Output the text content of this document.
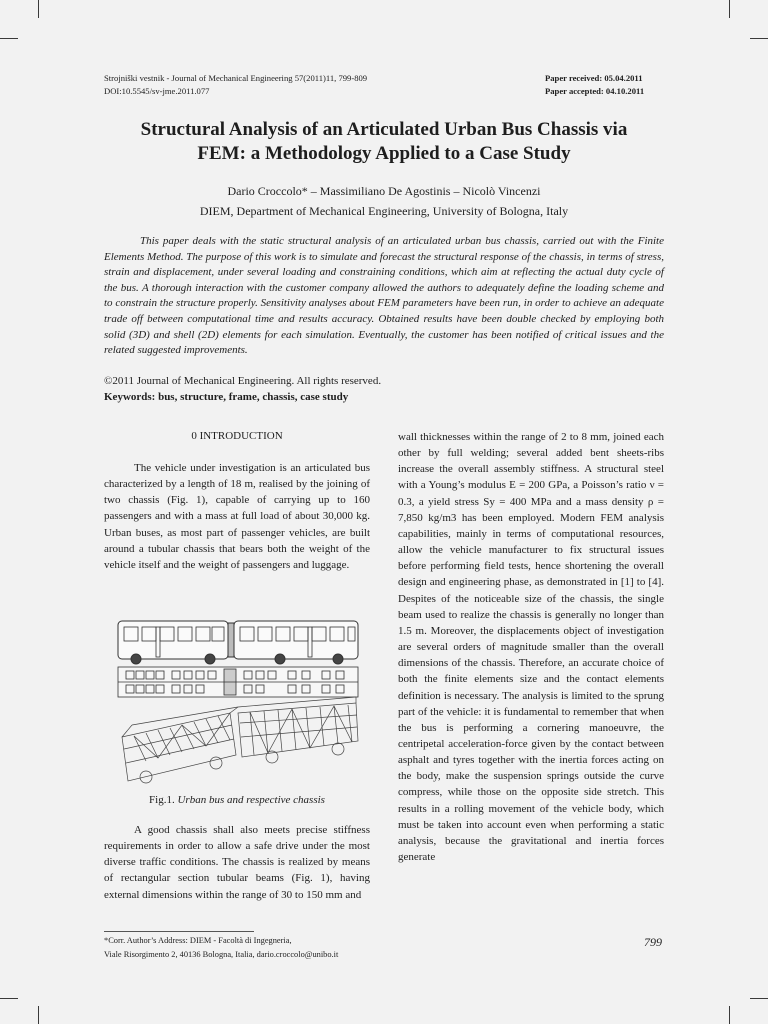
Strojniški vestnik - Journal of Mechanical Engineering 57(2011)11, 799-809
DOI:10.5545/sv-jme.2011.077
Paper received: 05.04.2011
Paper accepted: 04.10.2011
Structural Analysis of an Articulated Urban Bus Chassis via
FEM: a Methodology Applied to a Case Study
Dario Croccolo* – Massimiliano De Agostinis – Nicolò Vincenzi
DIEM, Department of Mechanical Engineering, University of Bologna, Italy

This paper deals with the static structural analysis of an articulated urban bus chassis, carried out with the Finite Elements Method. The purpose of this work is to simulate and forecast the structural response of the chassis, in terms of stress, strain and displacement, under several loading and constraining conditions, which aim at reflecting the actual duty cycle of the bus. A thorough interaction with the customer company allowed the authors to adequately define the loading scheme and to constrain the structure properly. Sensitivity analyses about FEM parameters have been run, in order to achieve an adequate trade off between computational time and results accuracy. Obtained results have been double checked by employing both solid (3D) and shell (2D) elements for each simulation. Eventually, the customer has been notified of critical issues and the related suggested improvements.

©2011 Journal of Mechanical Engineering. All rights reserved.
Keywords: bus, structure, frame, chassis, case study
0 INTRODUCTION

The vehicle under investigation is an articulated bus characterized by a length of 18 m, realised by the joining of two chassis (Fig. 1), capable of carrying up to 160 passengers and with a mass at full load of about 30,000 kg. Urban buses, as most part of passenger vehicles, are built around a tubular chassis that bears both the weight of the vehicle itself and the weight of passengers and luggage.

Fig.1. Urban bus and respective chassis

A good chassis shall also meets precise stiffness requirements in order to allow a safe drive under the most diverse traffic conditions. The chassis is realized by means of rectangular section tubular beams (Fig. 1), having external dimensions within the range of 30 to 150 mm and

wall thicknesses within the range of 2 to 8 mm, joined each other by full welding; several added bent sheets-ribs increase the overall assembly stiffness. A structural steel with a Young’s modulus E = 200 GPa, a Poisson’s ratio ν = 0.3, a yield stress Sy = 400 MPa and a mass density ρ = 7,850 kg/m3 has been employed. Modern FEM analysis capabilities, mainly in terms of computational resources, allow the vehicle manufacturer to fix structural issues before performing field tests, hence shortening the overall design and engineering phase, as demonstrated in [1] to [4]. Despites of the noticeable size of the chassis, the single beam used to realize the chassis is generally no longer than 1.5 m. Moreover, the displacements object of investigation are several orders of magnitude smaller than the overall dimensions of the chassis. Therefore, an accurate choice of both the finite elements size and the contact elements definition is necessary. The analysis is limited to the sprung part of the vehicle: it is fundamental to remember that when the bus is performing a cornering manoeuvre, the centripetal acceleration-force given by the contact between asphalt and tyres together with the inertia forces acting on the body, make the suspension springs outside the curve compress, while those on the opposite side stretch. This results in a rolling movement of the vehicle body, which must be taken into account even when performing a static analysis, because the gravitational and inertia forces generate

*Corr. Author’s Address: DIEM - Facoltà di Ingegneria,
Viale Risorgimento 2, 40136 Bologna, Italia, dario.croccolo@unibo.it
799
